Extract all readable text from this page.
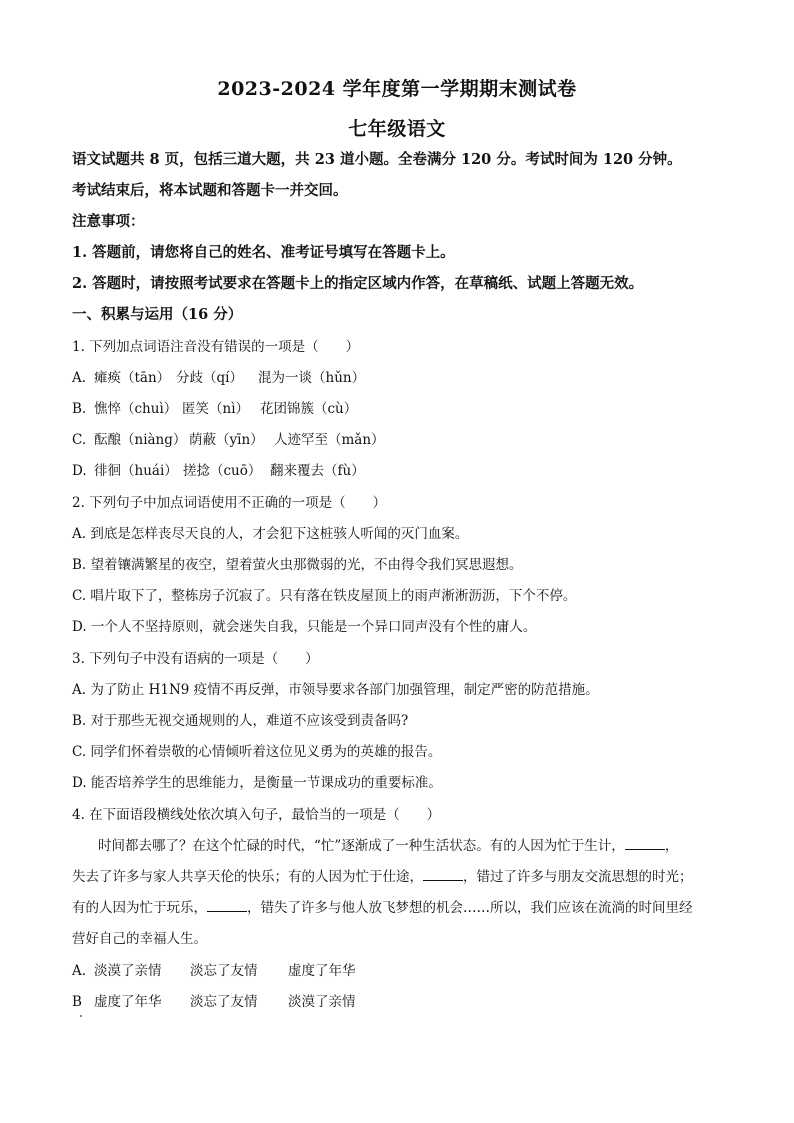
2023-2024 学年度第一学期期末测试卷
七年级语文
语文试题共 8 页，包括三道大题，共 23 道小题。全卷满分 120 分。考试时间为 120 分钟。
考试结束后，将本试题和答题卡一并交回。
注意事项：
1. 答题前，请您将自己的姓名、准考证号填写在答题卡上。
2. 答题时，请按照考试要求在答题卡上的指定区域内作答，在草稿纸、试题上答题无效。
一、积累与运用（16 分）
1. 下列加点词语注音没有错误的一项是（　　）
A. 瘫痪（tān） 分歧（qí） 混为一谈（hǔn）
B. 憔悴（chuì） 匿笑（nì） 花团锦簇（cù）
C. 酝酿（niàng） 荫蔽（yīn） 人迹罕至（mǎn）
D. 徘徊（huái） 搓捻（cuō） 翻来覆去（fù）
2. 下列句子中加点词语使用不正确的一项是（　　）
A. 到底是怎样丧尽天良的人，才会犯下这桩骇人听闻的灭门血案。
B. 望着镶满繁星的夜空，望着萤火虫那微弱的光，不由得令我们冥思遐想。
C. 唱片取下了，整栋房子沉寂了。只有落在铁皮屋顶上的雨声淅淅沥沥，下个不停。
D. 一个人不坚持原则，就会迷失自我，只能是一个异口同声没有个性的庸人。
3. 下列句子中没有语病的一项是（　　）
A. 为了防止 H1N9 疫情不再反弹，市领导要求各部门加强管理，制定严密的防范措施。
B. 对于那些无视交通规则的人，难道不应该受到责备吗?
C. 同学们怀着崇敬的心情倾听着这位见义勇为的英雄的报告。
D. 能否培养学生的思维能力，是衡量一节课成功的重要标准。
4. 在下面语段横线处依次填入句子，最恰当的一项是（　　）
时间都去哪了？在这个忙碌的时代，“忙”逐渐成了一种生活状态。有的人因为忙于生计，	，
失去了许多与家人共享天伦的快乐；有的人因为忙于仕途，	，错过了许多与朋友交流思想的时光；
有的人因为忙于玩乐，	，错失了许多与他人放飞梦想的机会……所以，我们应该在流淌的时间里经
营好自己的幸福人生。
A. 淡漠了亲情 淡忘了友情 虚度了年华
B 虚度了年华 淡忘了友情 淡漠了亲情
